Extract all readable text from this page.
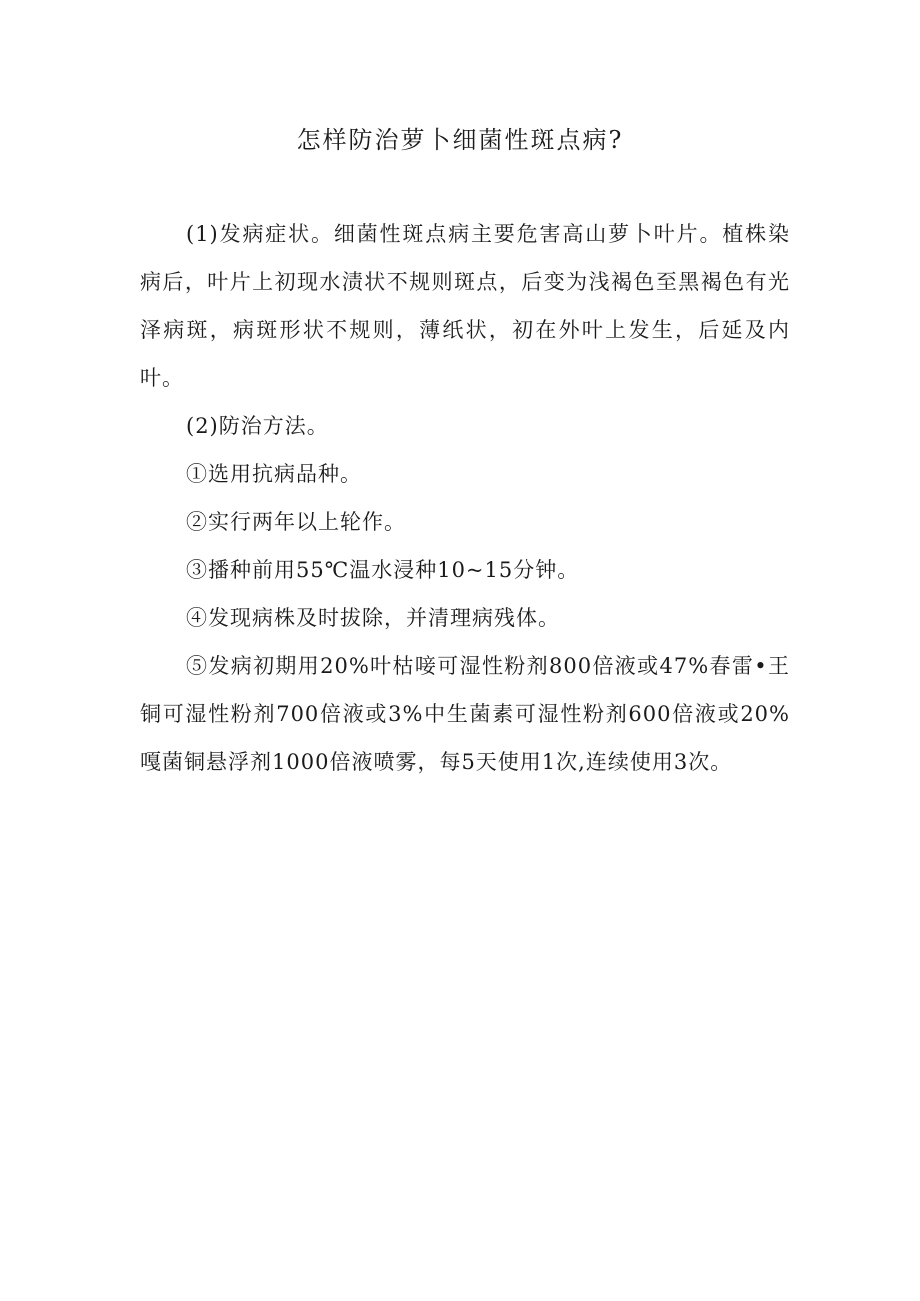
怎样防治萝卜细菌性斑点病?

(1)发病症状。细菌性斑点病主要危害高山萝卜叶片。植株染病后，叶片上初现水渍状不规则斑点，后变为浅褐色至黑褐色有光泽病斑，病斑形状不规则，薄纸状，初在外叶上发生，后延及内叶。

(2)防治方法。

①选用抗病品种。

②实行两年以上轮作。

③播种前用55℃温水浸种10~15分钟。

④发现病株及时拔除，并清理病残体。

⑤发病初期用20%叶枯唼可湿性粉剂800倍液或47%春雷•王铜可湿性粉剂700倍液或3%中生菌素可湿性粉剂600倍液或20%嘎菌铜悬浮剂1000倍液喷雾，每5天使用1次,连续使用3次。
